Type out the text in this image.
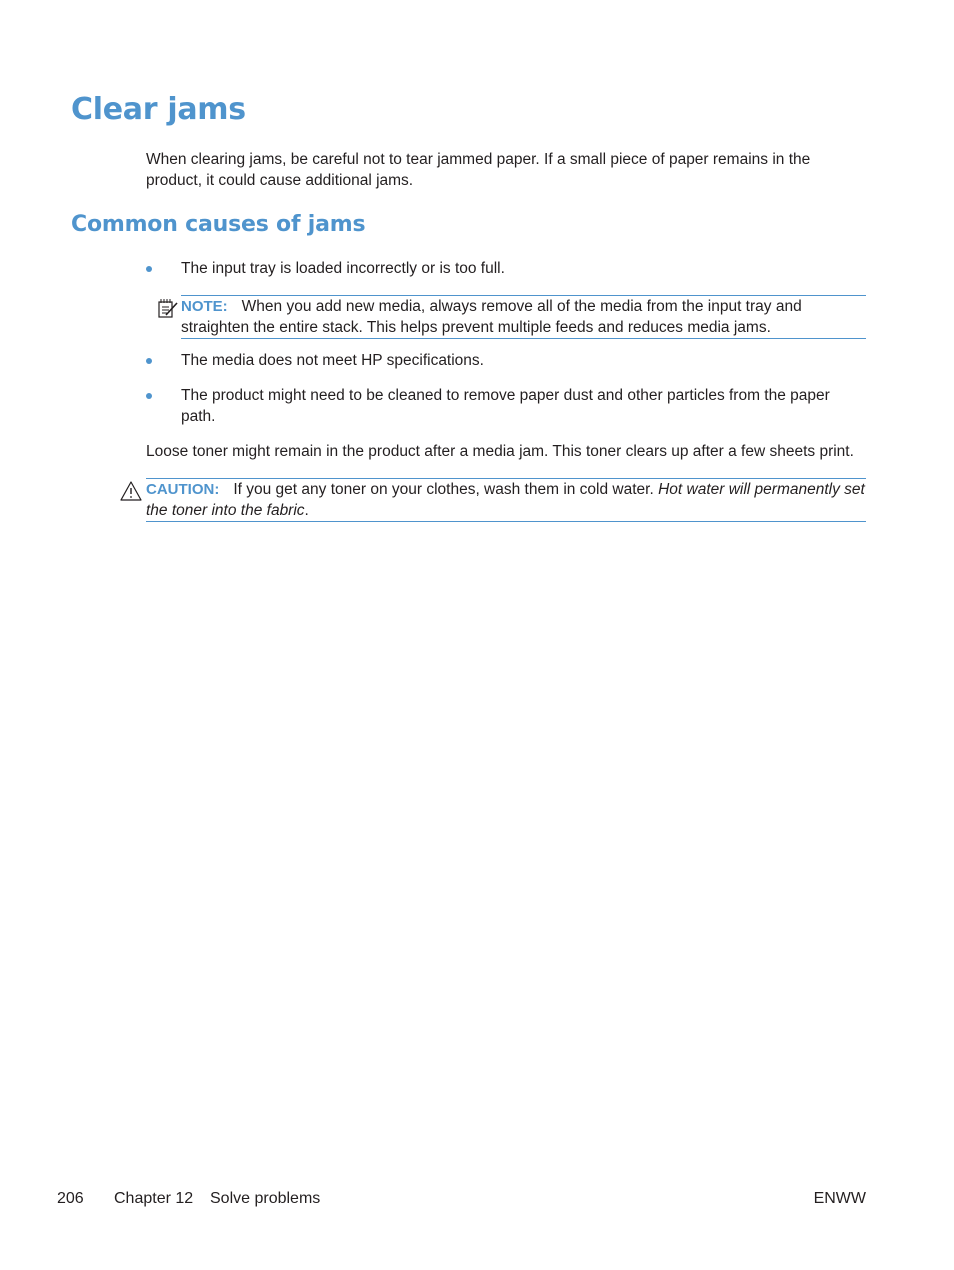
Clear jams

When clearing jams, be careful not to tear jammed paper. If a small piece of paper remains in the product, it could cause additional jams.

Common causes of jams
The input tray is loaded incorrectly or is too full.
NOTE: When you add new media, always remove all of the media from the input tray and straighten the entire stack. This helps prevent multiple feeds and reduces media jams.
The media does not meet HP specifications.
The product might need to be cleaned to remove paper dust and other particles from the paper path.

Loose toner might remain in the product after a media jam. This toner clears up after a few sheets print.

CAUTION: If you get any toner on your clothes, wash them in cold water. Hot water will permanently set the toner into the fabric.
206 Chapter 12 Solve problems	ENWW
